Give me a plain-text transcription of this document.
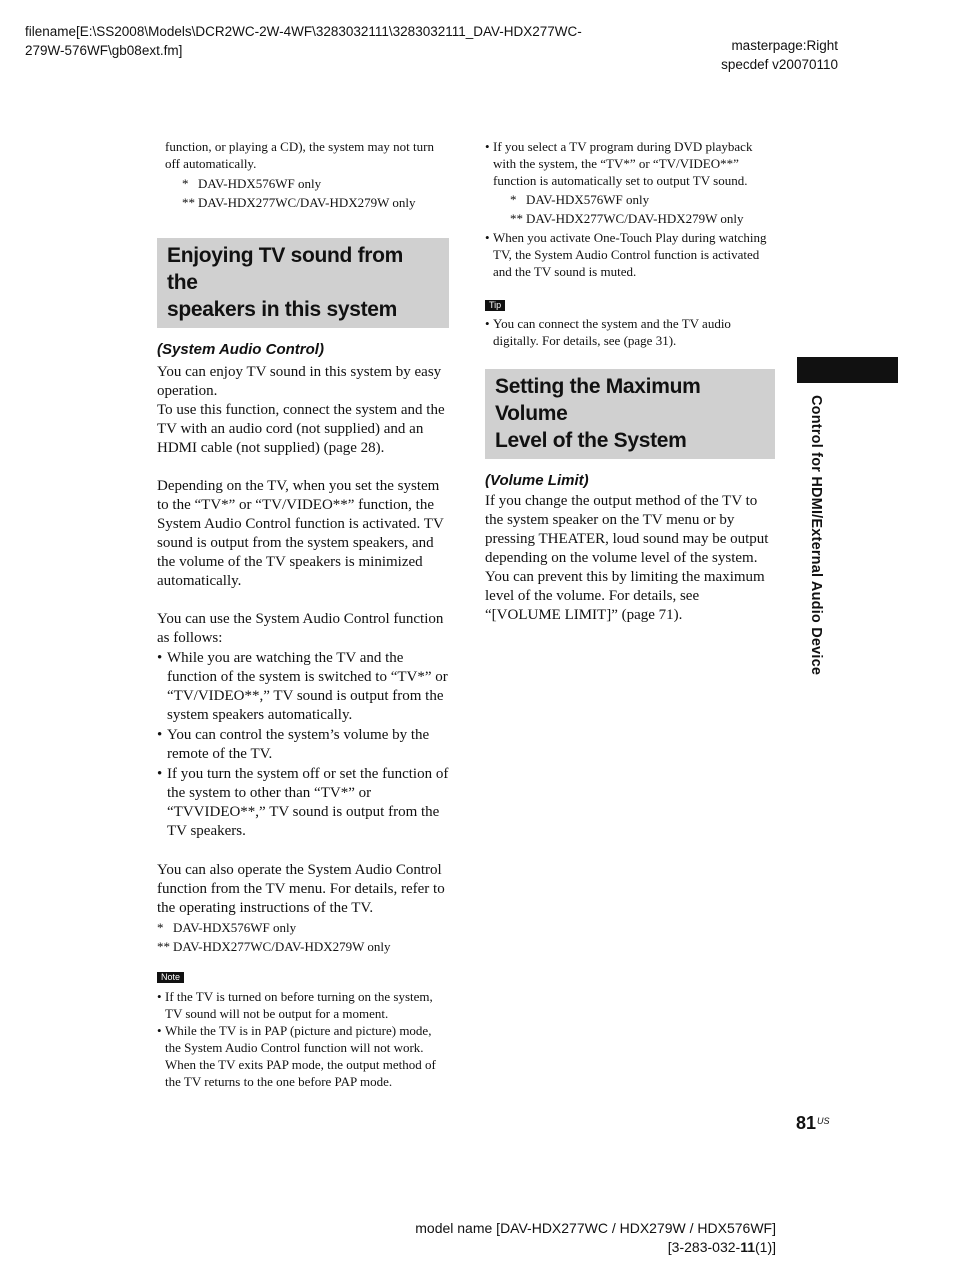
filename[E:\SS2008\Models\DCR2WC-2W-4WF\3283032111\3283032111_DAV-HDX277WC-
279W-576WF\gb08ext.fm]	masterpage:Right
specdef v20070110
function, or playing a CD), the system may not turn
off automatically.
* DAV-HDX576WF only
** DAV-HDX277WC/DAV-HDX279W only
Enjoying TV sound from the
speakers in this system

(System Audio Control)

You can enjoy TV sound in this system by easy operation.

To use this function, connect the system and the TV with an audio cord (not supplied) and an HDMI cable (not supplied) (page 28).

Depending on the TV, when you set the system to the “TV*” or “TV/VIDEO**” function, the System Audio Control function is activated. TV sound is output from the system speakers, and the volume of the TV speakers is minimized automatically.

You can use the System Audio Control function as follows:

• While you are watching the TV and the function of the system is switched to “TV*” or “TV/VIDEO**,” TV sound is output from the system speakers automatically.
• You can control the system’s volume by the remote of the TV.
• If you turn the system off or set the function of the system to other than “TV*” or “TVVIDEO**,” TV sound is output from the TV speakers.

You can also operate the System Audio Control function from the TV menu. For details, refer to the operating instructions of the TV.

* DAV-HDX576WF only
** DAV-HDX277WC/DAV-HDX279W only
Note
• If the TV is turned on before turning on the system, TV sound will not be output for a moment.
• While the TV is in PAP (picture and picture) mode, the System Audio Control function will not work. When the TV exits PAP mode, the output method of the TV returns to the one before PAP mode.
• If you select a TV program during DVD playback with the system, the “TV*” or “TV/VIDEO**” function is automatically set to output TV sound.
* DAV-HDX576WF only
** DAV-HDX277WC/DAV-HDX279W only
• When you activate One-Touch Play during watching TV, the System Audio Control function is activated and the TV sound is muted.
Tip
• You can connect the system and the TV audio digitally. For details, see (page 31).
Setting the Maximum Volume
Level of the System

(Volume Limit)

If you change the output method of the TV to the system speaker on the TV menu or by pressing THEATER, loud sound may be output depending on the volume level of the system. You can prevent this by limiting the maximum level of the volume. For details, see “[VOLUME LIMIT]” (page 71).	Control for HDMI/External Audio Device
$81^{US}$
model name [DAV-HDX277WC / HDX279W / HDX576WF]
[3-283-032-11(1)]
